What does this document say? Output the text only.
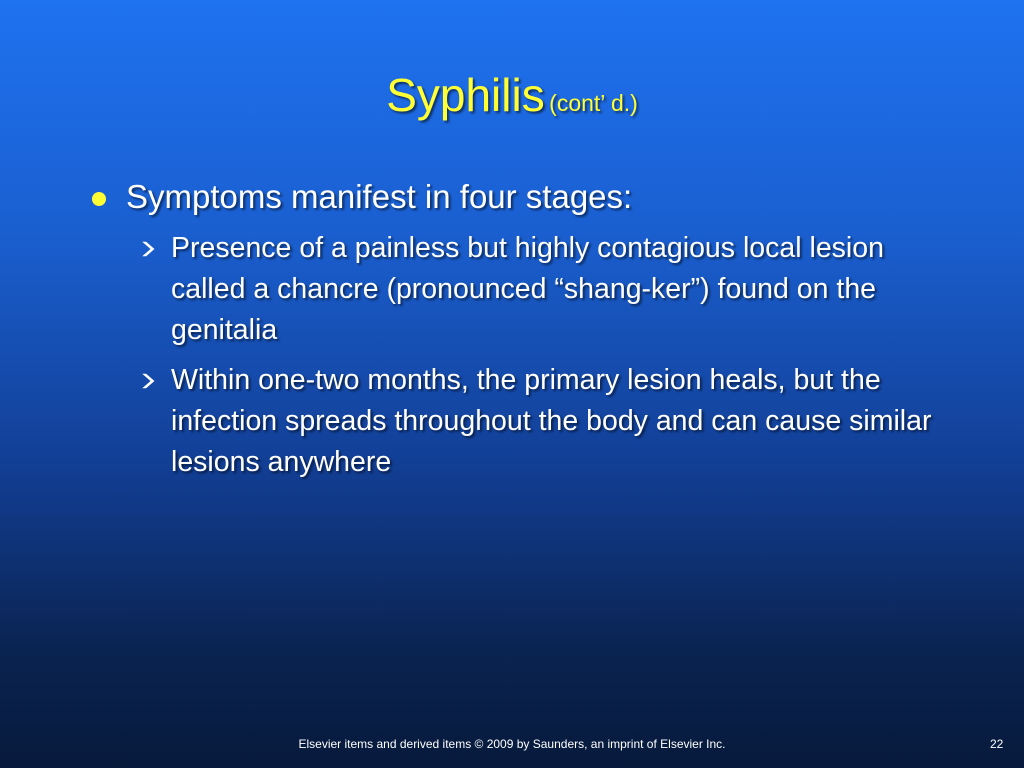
Syphilis (cont’ d.)
Symptoms manifest in four stages:
Presence of a painless but highly contagious local lesion called a chancre (pronounced “shang-ker”) found on the genitalia
Within one-two months, the primary lesion heals, but the infection spreads throughout the body and can cause similar lesions anywhere
Elsevier items and derived items © 2009 by Saunders, an imprint of Elsevier Inc.	22
